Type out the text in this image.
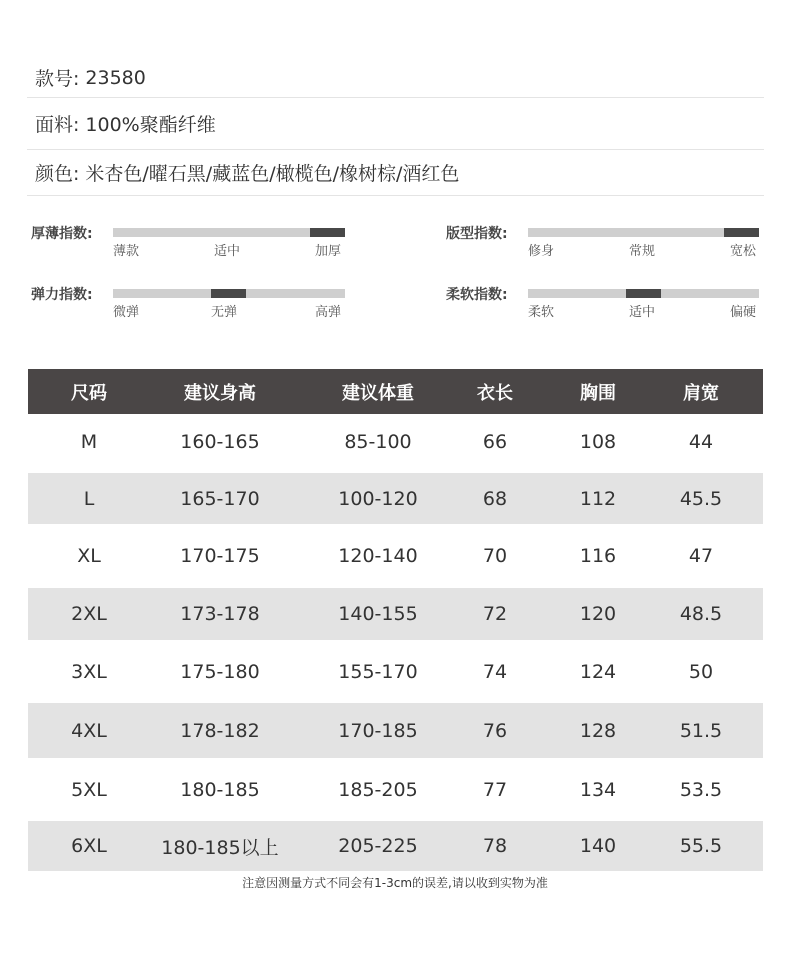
款号: 23580
面料: 100%聚酯纤维
颜色: 米杏色/曜石黑/藏蓝色/橄榄色/橡树棕/酒红色
厚薄指数:
薄款	适中	加厚
弹力指数:
微弹	无弹	高弹
版型指数:
修身	常规	宽松
柔软指数:
柔软	适中	偏硬
尺码	建议身高	建议体重	衣长	胸围	肩宽
M	160-165	85-100	66	108	44
L	165-170	100-120	68	112	45.5
XL	170-175	120-140	70	116	47
2XL	173-178	140-155	72	120	48.5
3XL	175-180	155-170	74	124	50
4XL	178-182	170-185	76	128	51.5
5XL	180-185	185-205	77	134	53.5
6XL	180-185以上	205-225	78	140	55.5
注意因测量方式不同会有1-3cm的误差,请以收到实物为准
